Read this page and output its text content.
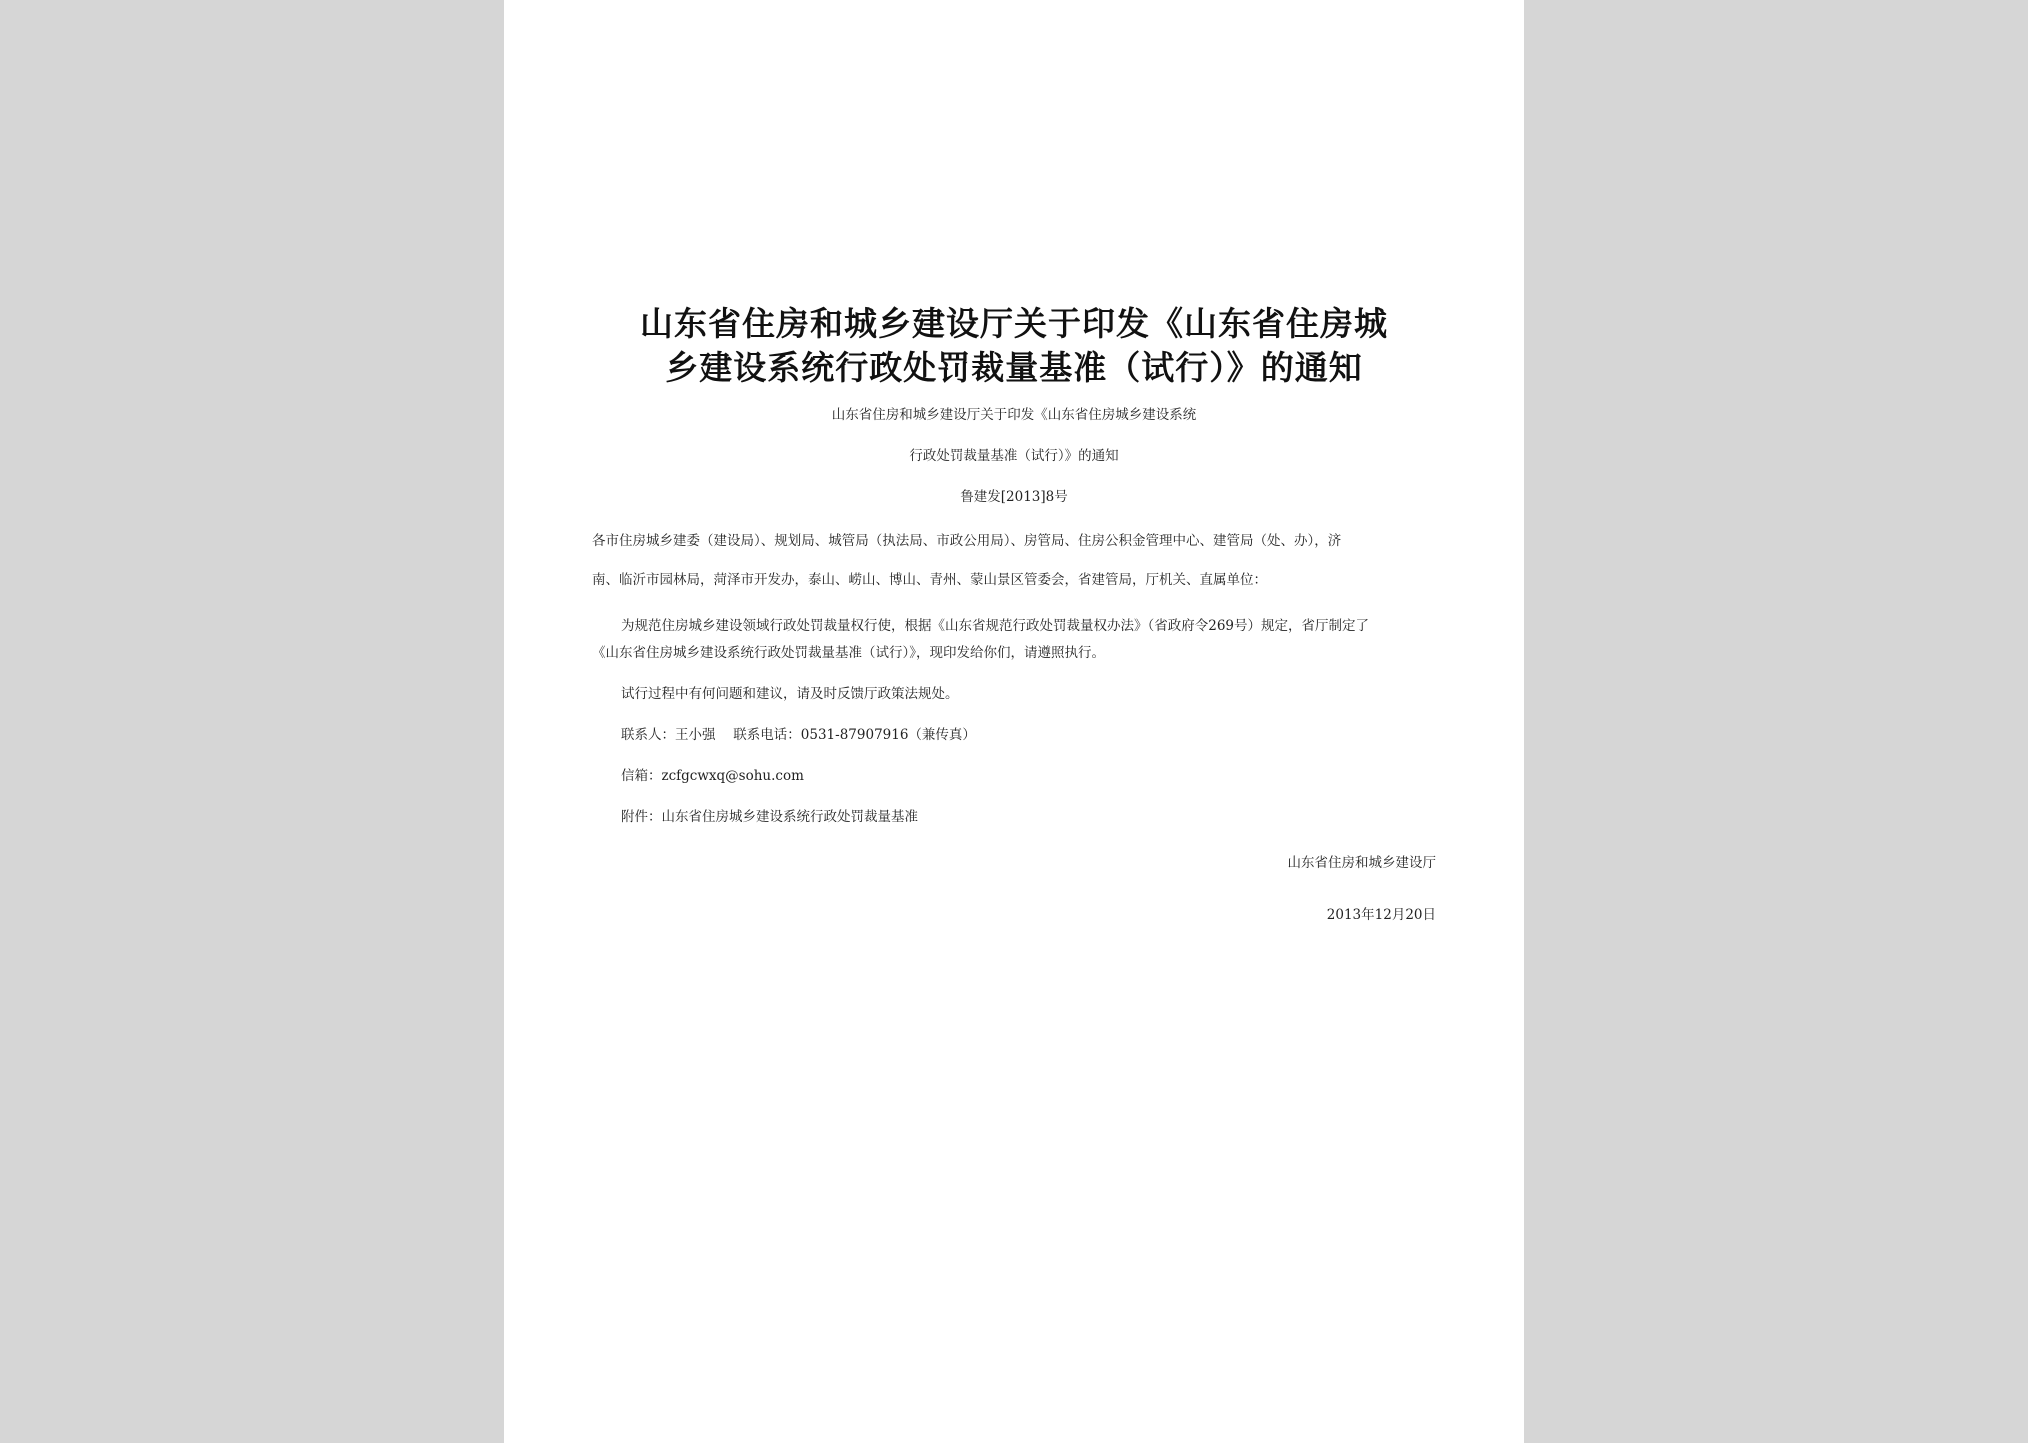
山东省住房和城乡建设厅关于印发《山东省住房城
乡建设系统行政处罚裁量基准（试行）》的通知

山东省住房和城乡建设厅关于印发《山东省住房城乡建设系统

行政处罚裁量基准（试行）》的通知

鲁建发[2013]8号

各市住房城乡建委（建设局）、规划局、城管局（执法局、市政公用局）、房管局、住房公积金管理中心、建管局（处、办），济

南、临沂市园林局，菏泽市开发办，泰山、崂山、博山、青州、蒙山景区管委会，省建管局，厅机关、直属单位：

为规范住房城乡建设领域行政处罚裁量权行使，根据《山东省规范行政处罚裁量权办法》（省政府令269号）规定，省厅制定了

《山东省住房城乡建设系统行政处罚裁量基准（试行）》，现印发给你们，请遵照执行。

试行过程中有何问题和建议，请及时反馈厅政策法规处。

联系人：王小强　 联系电话：0531-87907916（兼传真）

信箱：zcfgcwxq@sohu.com

附件：山东省住房城乡建设系统行政处罚裁量基准

山东省住房和城乡建设厅

2013年12月20日
